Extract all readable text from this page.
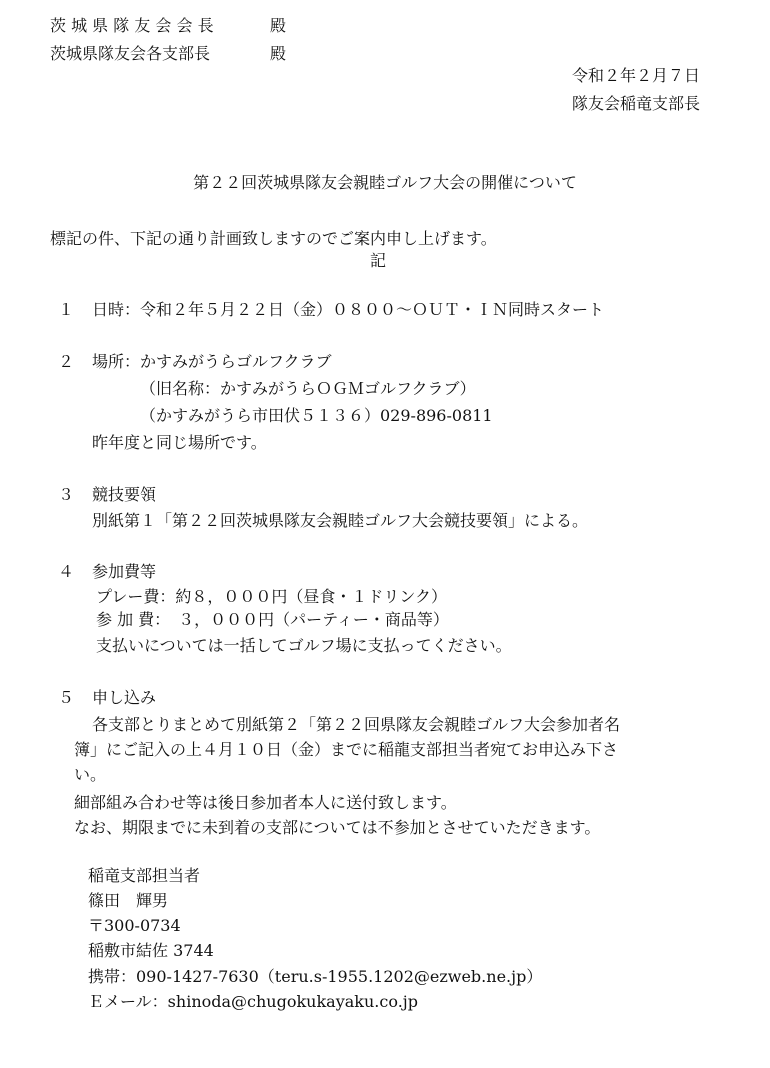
茨 城 県 隊 友 会 会 長	殿
茨城県隊友会各支部長	殿
令和２年２月７日
隊友会稲竜支部長
第２２回茨城県隊友会親睦ゴルフ大会の開催について
標記の件、下記の通り計画致しますのでご案内申し上げます。
記
１ 日時：令和２年５月２２日（金）０８００～ＯＵＴ・ＩＮ同時スタート
２ 場所：かすみがうらゴルフクラブ
（旧名称：かすみがうらＯＧＭゴルフクラブ）
（かすみがうら市田伏５１３６）029-896-0811
昨年度と同じ場所です。
３ 競技要領
別紙第１「第２２回茨城県隊友会親睦ゴルフ大会競技要領」による。
４ 参加費等
プレー費：約８，０００円（昼食・１ドリンク）
参 加 費：　３，０００円（パーティー・商品等）
支払いについては一括してゴルフ場に支払ってください。
５ 申し込み
各支部とりまとめて別紙第２「第２２回県隊友会親睦ゴルフ大会参加者名
簿」にご記入の上４月１０日（金）までに稲龍支部担当者宛てお申込み下さ
い。
細部組み合わせ等は後日参加者本人に送付致します。
なお、期限までに未到着の支部については不参加とさせていただきます。
稲竜支部担当者
篠田　輝男
〒300-0734
稲敷市結佐 3744
携帯：090-1427-7630（teru.s-1955.1202@ezweb.ne.jp）
Ｅメール：shinoda@chugokukayaku.co.jp
